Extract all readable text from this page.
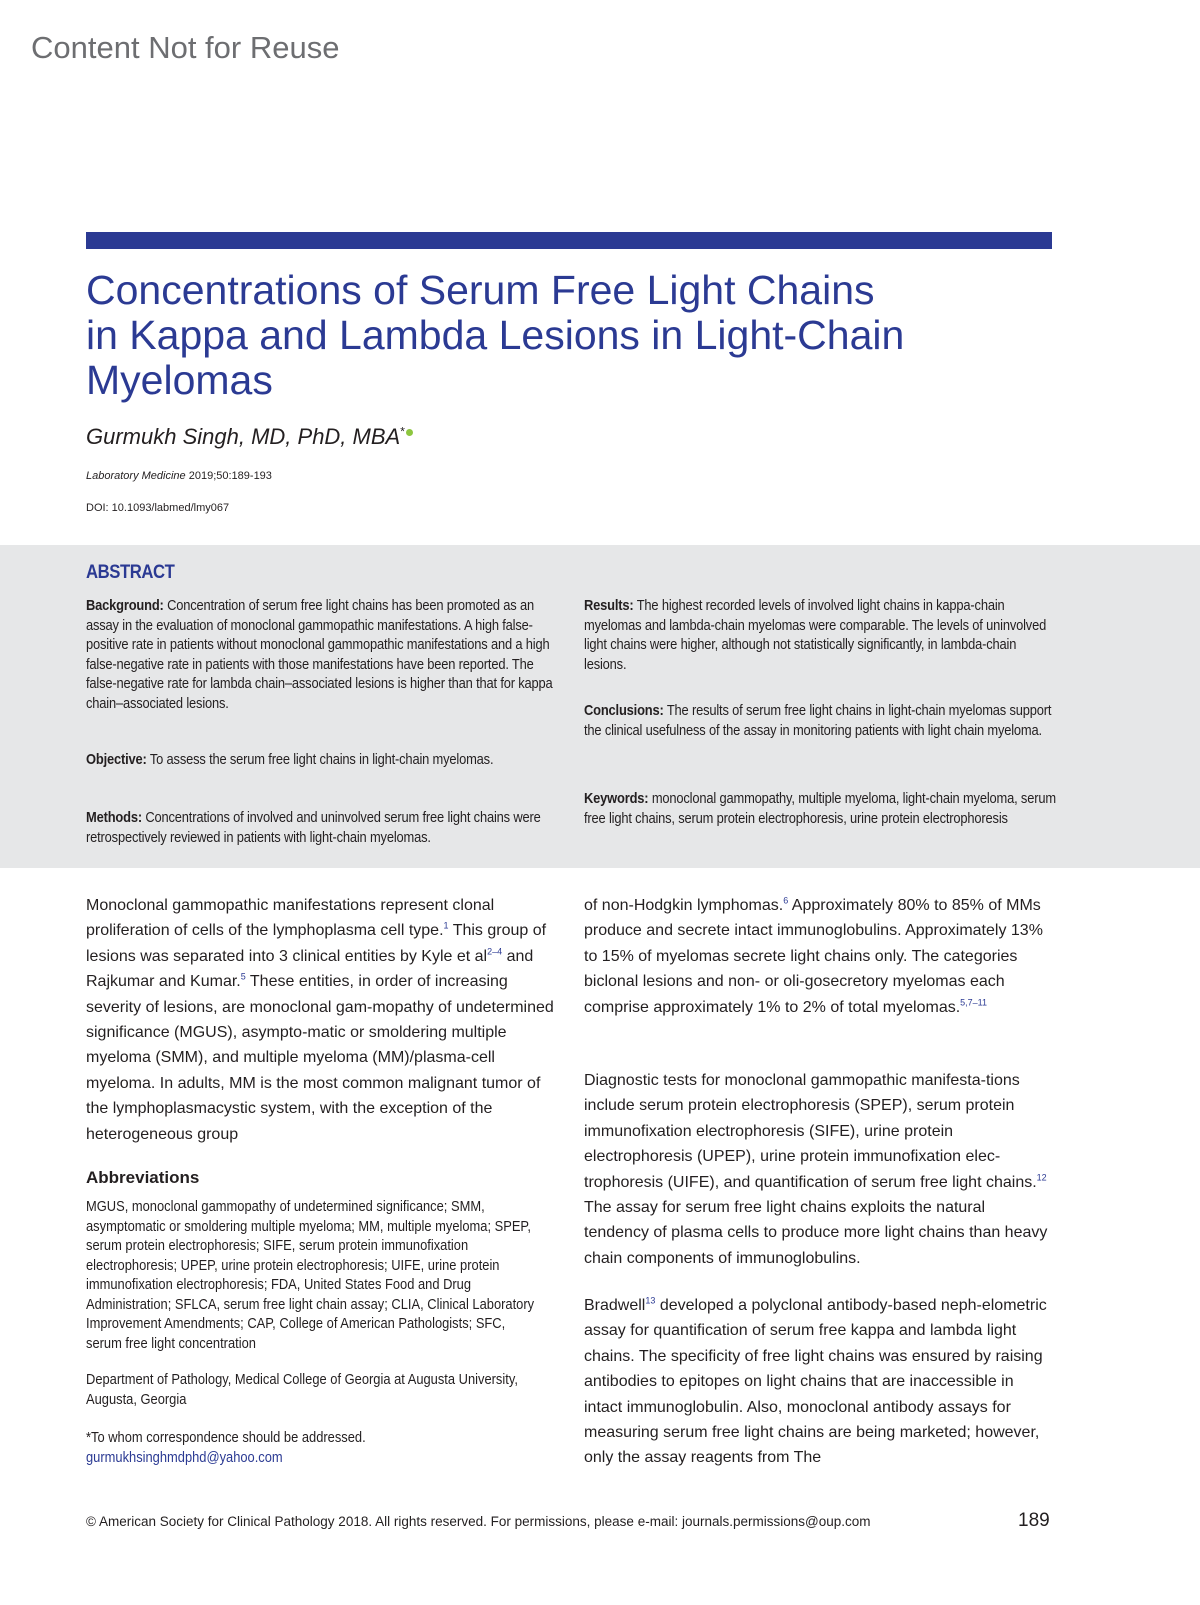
Content Not for Reuse
Concentrations of Serum Free Light Chains
in Kappa and Lambda Lesions in Light-Chain
Myelomas
Gurmukh Singh, MD, PhD, MBA*
Laboratory Medicine 2019;50:189-193
DOI: 10.1093/labmed/lmy067
ABSTRACT

Background: Concentration of serum free light chains has been promoted as an assay in the evaluation of monoclonal gammopathic manifestations. A high false-positive rate in patients without monoclonal gammopathic manifestations and a high false-negative rate in patients with those manifestations have been reported. The false-negative rate for lambda chain–associated lesions is higher than that for kappa chain–associated lesions.

Objective: To assess the serum free light chains in light-chain myelomas.

Methods: Concentrations of involved and uninvolved serum free light chains were retrospectively reviewed in patients with light-chain myelomas.

Results: The highest recorded levels of involved light chains in kappa-chain myelomas and lambda-chain myelomas were comparable. The levels of uninvolved light chains were higher, although not statistically significantly, in lambda-chain lesions.

Conclusions: The results of serum free light chains in light-chain myelomas support the clinical usefulness of the assay in monitoring patients with light chain myeloma.

Keywords: monoclonal gammopathy, multiple myeloma, light-chain myeloma, serum free light chains, serum protein electrophoresis, urine protein electrophoresis

Monoclonal gammopathic manifestations represent clonal proliferation of cells of the lymphoplasma cell type.$^1$ This group of lesions was separated into 3 clinical entities by Kyle et $al^{2-4}$ and Rajkumar and Kumar.$^5$ These entities, in order of increasing severity of lesions, are monoclonal gam-mopathy of undetermined significance (MGUS), asympto-matic or smoldering multiple myeloma (SMM), and multiple myeloma (MM)/plasma-cell myeloma. In adults, MM is the most common malignant tumor of the lymphoplasmacystic system, with the exception of the heterogeneous group

Abbreviations

MGUS, monoclonal gammopathy of undetermined significance; SMM, asymptomatic or smoldering multiple myeloma; MM, multiple myeloma; SPEP, serum protein electrophoresis; SIFE, serum protein immunofixation electrophoresis; UPEP, urine protein electrophoresis; UIFE, urine protein immunofixation electrophoresis; FDA, United States Food and Drug Administration; SFLCA, serum free light chain assay; CLIA, Clinical Laboratory Improvement Amendments; CAP, College of American Pathologists; SFC, serum free light concentration

Department of Pathology, Medical College of Georgia at Augusta University, Augusta, Georgia

*To whom correspondence should be addressed.
gurmukhsinghmdphd@yahoo.com

of non-Hodgkin lymphomas.$^6$ Approximately 80% to 85% of MMs produce and secrete intact immunoglobulins. Approximately 13% to 15% of myelomas secrete light chains only. The categories biclonal lesions and non- or oli-gosecretory myelomas each comprise approximately 1% to 2% of total myelomas.$^{5,7-11}$

Diagnostic tests for monoclonal gammopathic manifesta-tions include serum protein electrophoresis (SPEP), serum protein immunofixation electrophoresis (SIFE), urine protein electrophoresis (UPEP), urine protein immunofixation elec-trophoresis (UIFE), and quantification of serum free light chains.$^{12}$ The assay for serum free light chains exploits the natural tendency of plasma cells to produce more light chains than heavy chain components of immunoglobulins.

Bradwell$^{13}$ developed a polyclonal antibody-based neph-elometric assay for quantification of serum free kappa and lambda light chains. The specificity of free light chains was ensured by raising antibodies to epitopes on light chains that are inaccessible in intact immunoglobulin. Also, monoclonal antibody assays for measuring serum free light chains are being marketed; however, only the assay reagents from The

© American Society for Clinical Pathology 2018. All rights reserved. For permissions, please e-mail: journals.permissions@oup.com	189
